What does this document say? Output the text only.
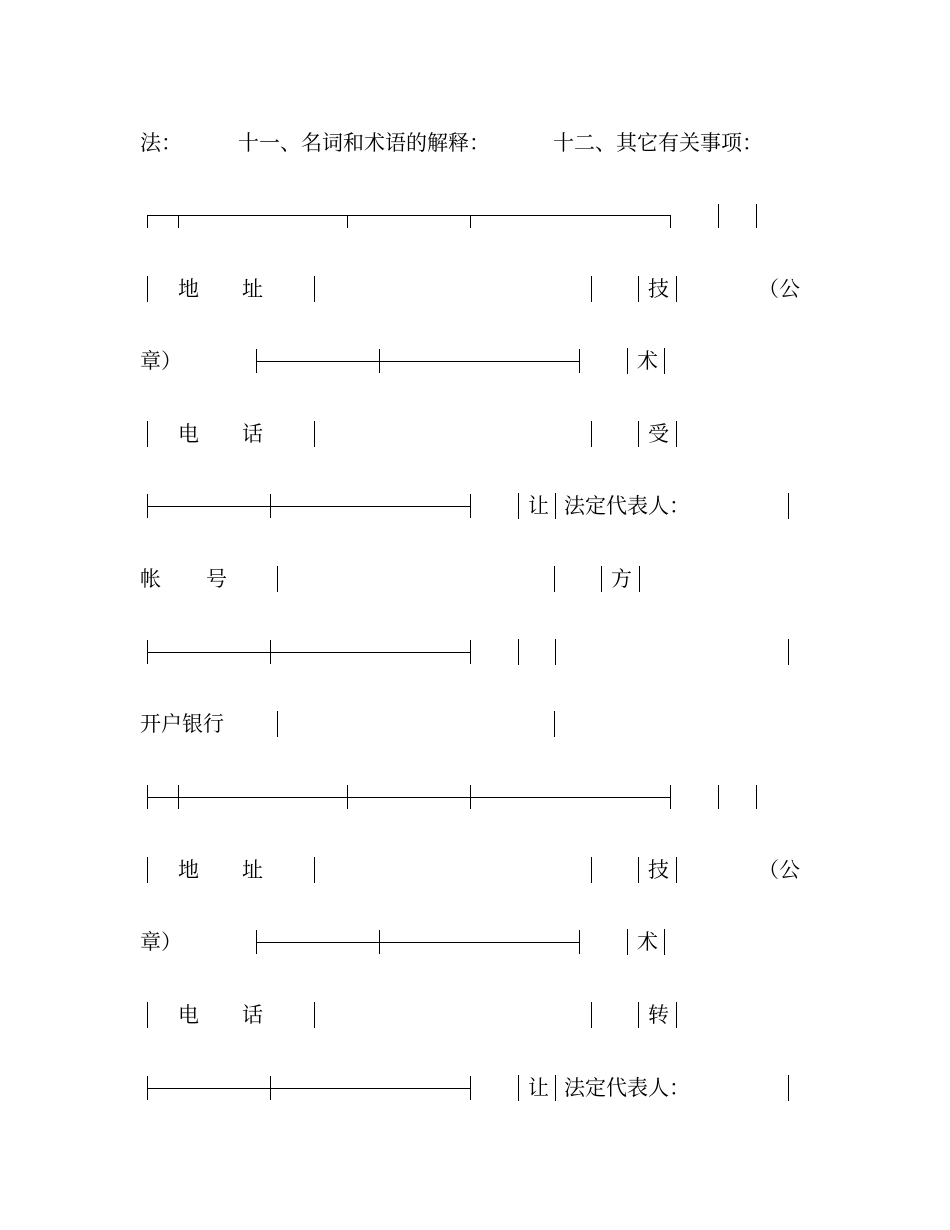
法：	十一、名词和术语的解释：	十二、其它有关事项：
地 址	技	（公
章）	术
电 话	受
让 法定代表人：
帐 号	方
开户银行
地 址	技	（公
章）	术
电 话	转
让 法定代表人：
